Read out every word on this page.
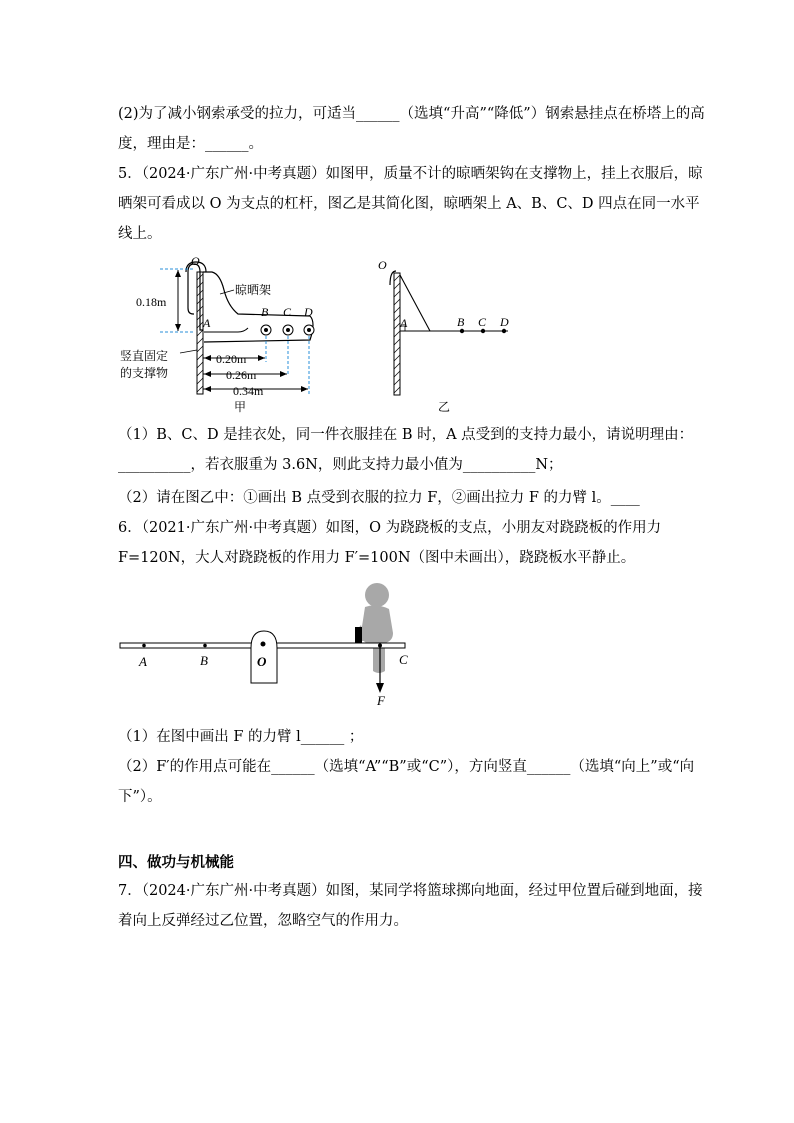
(2)为了减小钢索承受的拉力，可适当______（选填“升高”“降低”）钢索悬挂点在桥塔上的高
度，理由是：______。
5．（2024·广东广州·中考真题）如图甲，质量不计的晾晒架钩在支撑物上，挂上衣服后，晾
晒架可看成以 O 为支点的杠杆，图乙是其简化图，晾晒架上 A、B、C、D 四点在同一水平
线上。
O
A
B C D
晾晒架
0.18m
0.20m
0.26m
0.34m
竖直固定
的支撑物
甲
O
A	B C D
乙
（1）B、C、D 是挂衣处，同一件衣服挂在 B 时，A 点受到的支持力最小，请说明理由：
__________，若衣服重为 3.6N，则此支持力最小值为__________N；
（2）请在图乙中：①画出 B 点受到衣服的拉力 F，②画出拉力 F 的力臂 l。____
6．（2021·广东广州·中考真题）如图，O 为跷跷板的支点，小朋友对跷跷板的作用力
F=120N，大人对跷跷板的作用力 F′=100N（图中未画出），跷跷板水平静止。
A	B	O	C
F
（1）在图中画出 F 的力臂 l______ ；
（2）F′的作用点可能在______（选填“A”“B”或“C”），方向竖直______（选填“向上”或“向
下”）。
四、做功与机械能
7．（2024·广东广州·中考真题）如图，某同学将篮球掷向地面，经过甲位置后碰到地面，接
着向上反弹经过乙位置，忽略空气的作用力。
